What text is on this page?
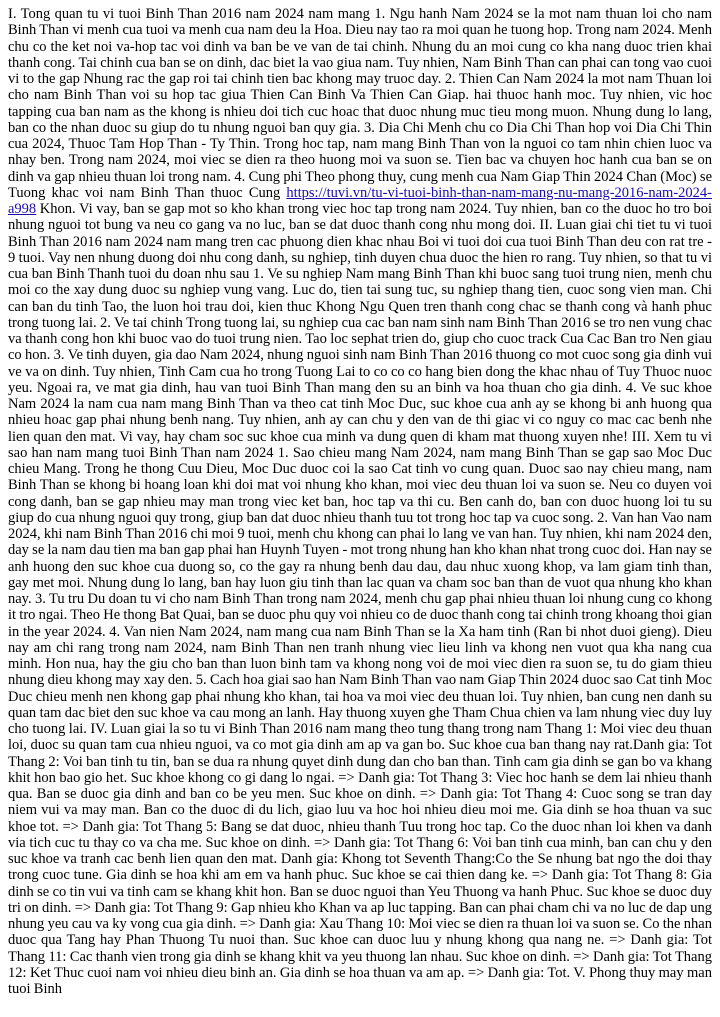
I. Tong quan tu vi tuoi Binh Than 2016 nam 2024 nam mang 1. Ngu hanh Nam 2024 se la mot nam thuan loi cho nam Binh Than vi menh cua tuoi va menh cua nam deu la Hoa. Dieu nay tao ra moi quan he tuong hop. Trong nam 2024. Menh chu co the ket noi va-hop tac voi dinh va ban be ve van de tai chinh. Nhung du an moi cung co kha nang duoc trien khai thanh cong. Tai chinh cua ban se on dinh, dac biet la vao giua nam. Tuy nhien, Nam Binh Than can phai can tong vao cuoi vi to the gap Nhung rac the gap roi tai chinh tien bac khong may truoc day. 2. Thien Can Nam 2024 la mot nam Thuan loi cho nam Binh Than voi su hop tac giua Thien Can Binh Va Thien Can Giap. hai thuoc hanh moc. Tuy nhien, vic hoc tapping cua ban nam as the khong is nhieu doi tich cuc hoac that duoc nhung muc tieu mong muon. Nhung dung lo lang, ban co the nhan duoc su giup do tu nhung nguoi ban quy gia. 3. Dia Chi Menh chu co Dia Chi Than hop voi Dia Chi Thin cua 2024, Thuoc Tam Hop Than - Ty Thin. Trong hoc tap, nam mang Binh Than von la nguoi co tam nhin chien luoc va nhay ben. Trong nam 2024, moi viec se dien ra theo huong moi va suon se. Tien bac va chuyen hoc hanh cua ban se on dinh va gap nhieu thuan loi trong nam. 4. Cung phi Theo phong thuy, cung menh cua Nam Giap Thin 2024 Chan (Moc) se Tuong khac voi nam Binh Than thuoc Cung https://tuvi.vn/tu-vi-tuoi-binh-than-nam-mang-nu-mang-2016-nam-2024-a998 Khon. Vi vay, ban se gap mot so kho khan trong viec hoc tap trong nam 2024. Tuy nhien, ban co the duoc ho tro boi nhung nguoi tot bung va neu co gang va no luc, ban se dat duoc thanh cong nhu mong doi. II. Luan giai chi tiet tu vi tuoi Binh Than 2016 nam 2024 nam mang tren cac phuong dien khac nhau Boi vi tuoi doi cua tuoi Binh Than deu con rat tre - 9 tuoi. Vay nen nhung duong doi nhu cong danh, su nghiep, tinh duyen chua duoc the hien ro rang. Tuy nhien, so that tu vi cua ban Binh Thanh tuoi du doan nhu sau 1. Ve su nghiep Nam mang Binh Than khi buoc sang tuoi trung nien, menh chu moi co the xay dung duoc su nghiep vung vang. Luc do, tien tai sung tuc, su nghiep thang tien, cuoc song vien man. Chi can ban du tinh Tao, the luon hoi trau doi, kien thuc Khong Ngu Quen tren thanh cong chac se thanh cong và hanh phuc trong tuong lai. 2. Ve tai chinh Trong tuong lai, su nghiep cua cac ban nam sinh nam Binh Than 2016 se tro nen vung chac va thanh cong hon khi buoc vao do tuoi trung nien. Tao loc sephat trien do, giup cho cuoc track Cua Cac Ban tro Nen giau co hon. 3. Ve tinh duyen, gia dao Nam 2024, nhung nguoi sinh nam Binh Than 2016 thuong co mot cuoc song gia dinh vui ve va on dinh. Tuy nhien, Tinh Cam cua ho trong Tuong Lai to co co co hang bien dong the khac nhau of Tuy Thuoc nuoc yeu. Ngoai ra, ve mat gia dinh, hau van tuoi Binh Than mang den su an binh va hoa thuan cho gia dinh. 4. Ve suc khoe Nam 2024 la nam cua nam mang Binh Than va theo cat tinh Moc Duc, suc khoe cua anh ay se khong bi anh huong qua nhieu hoac gap phai nhung benh nang. Tuy nhien, anh ay can chu y den van de thi giac vi co nguy co mac cac benh nhe lien quan den mat. Vi vay, hay cham soc suc khoe cua minh va dung quen di kham mat thuong xuyen nhe! III. Xem tu vi sao han nam mang tuoi Binh Than nam 2024 1. Sao chieu mang Nam 2024, nam mang Binh Than se gap sao Moc Duc chieu Mang. Trong he thong Cuu Dieu, Moc Duc duoc coi la sao Cat tinh vo cung quan. Duoc sao nay chieu mang, nam Binh Than se khong bi hoang loan khi doi mat voi nhung kho khan, moi viec deu thuan loi va suon se. Neu co duyen voi cong danh, ban se gap nhieu may man trong viec ket ban, hoc tap va thi cu. Ben canh do, ban con duoc huong loi tu su giup do cua nhung nguoi quy trong, giup ban dat duoc nhieu thanh tuu tot trong hoc tap va cuoc song. 2. Van han Vao nam 2024, khi nam Binh Than 2016 chi moi 9 tuoi, menh chu khong can phai lo lang ve van han. Tuy nhien, khi nam 2024 den, day se la nam dau tien ma ban gap phai han Huynh Tuyen - mot trong nhung han kho khan nhat trong cuoc doi. Han nay se anh huong den suc khoe cua duong so, co the gay ra nhung benh dau dau, dau nhuc xuong khop, va lam giam tinh than, gay met moi. Nhung dung lo lang, ban hay luon giu tinh than lac quan va cham soc ban than de vuot qua nhung kho khan nay. 3. Tu tru Du doan tu vi cho nam Binh Than trong nam 2024, menh chu gap phai nhieu thuan loi nhung cung co khong it tro ngai. Theo He thong Bat Quai, ban se duoc phu quy voi nhieu co de duoc thanh cong tai chinh trong khoang thoi gian in the year 2024. 4. Van nien Nam 2024, nam mang cua nam Binh Than se la Xa ham tinh (Ran bi nhot duoi gieng). Dieu nay am chi rang trong nam 2024, nam Binh Than nen tranh nhung viec lieu linh va khong nen vuot qua kha nang cua minh. Hon nua, hay the giu cho ban than luon binh tam va khong nong voi de moi viec dien ra suon se, tu do giam thieu nhung dieu khong may xay den. 5. Cach hoa giai sao han Nam Binh Than vao nam Giap Thin 2024 duoc sao Cat tinh Moc Duc chieu menh nen khong gap phai nhung kho khan, tai hoa va moi viec deu thuan loi. Tuy nhien, ban cung nen danh su quan tam dac biet den suc khoe va cau mong an lanh. Hay thuong xuyen ghe Tham Chua chien va lam nhung viec duy luy cho tuong lai. IV. Luan giai la so tu vi Binh Than 2016 nam mang theo tung thang trong nam Thang 1: Moi viec deu thuan loi, duoc su quan tam cua nhieu nguoi, va co mot gia dinh am ap va gan bo. Suc khoe cua ban thang nay rat.Danh gia: Tot Thang 2: Voi ban tinh tu tin, ban se dua ra nhung quyet dinh dung dan cho ban than. Tinh cam gia dinh se gan bo va khang khit hon bao gio het. Suc khoe khong co gi dang lo ngai. => Danh gia: Tot Thang 3: Viec hoc hanh se dem lai nhieu thanh qua. Ban se duoc gia dinh and ban co be yeu men. Suc khoe on dinh. => Danh gia: Tot Thang 4: Cuoc song se tran day niem vui va may man. Ban co the duoc di du lich, giao luu va hoc hoi nhieu dieu moi me. Gia dinh se hoa thuan va suc khoe tot. => Danh gia: Tot Thang 5: Bang se dat duoc, nhieu thanh Tuu trong hoc tap. Co the duoc nhan loi khen va danh via tich cuc tu thay co va cha me. Suc khoe on dinh. => Danh gia: Tot Thang 6: Voi ban tinh cua minh, ban can chu y den suc khoe va tranh cac benh lien quan den mat. Danh gia: Khong tot Seventh Thang:Co the Se nhung bat ngo the doi thay trong cuoc tune. Gia dinh se hoa khi am em va hanh phuc. Suc khoe se cai thien dang ke. => Danh gia: Tot Thang 8: Gia dinh se co tin vui va tinh cam se khang khit hon. Ban se duoc nguoi than Yeu Thuong va hanh Phuc. Suc khoe se duoc duy tri on dinh. => Danh gia: Tot Thang 9: Gap nhieu kho Khan va ap luc tapping. Ban can phai cham chi va no luc de dap ung nhung yeu cau va ky vong cua gia dinh. => Danh gia: Xau Thang 10: Moi viec se dien ra thuan loi va suon se. Co the nhan duoc qua Tang hay Phan Thuong Tu nuoi than. Suc khoe can duoc luu y nhung khong qua nang ne. => Danh gia: Tot Thang 11: Cac thanh vien trong gia dinh se khang khit va yeu thuong lan nhau. Suc khoe on dinh. => Danh gia: Tot Thang 12: Ket Thuc cuoi nam voi nhieu dieu binh an. Gia dinh se hoa thuan va am ap. => Danh gia: Tot. V. Phong thuy may man tuoi Binh
